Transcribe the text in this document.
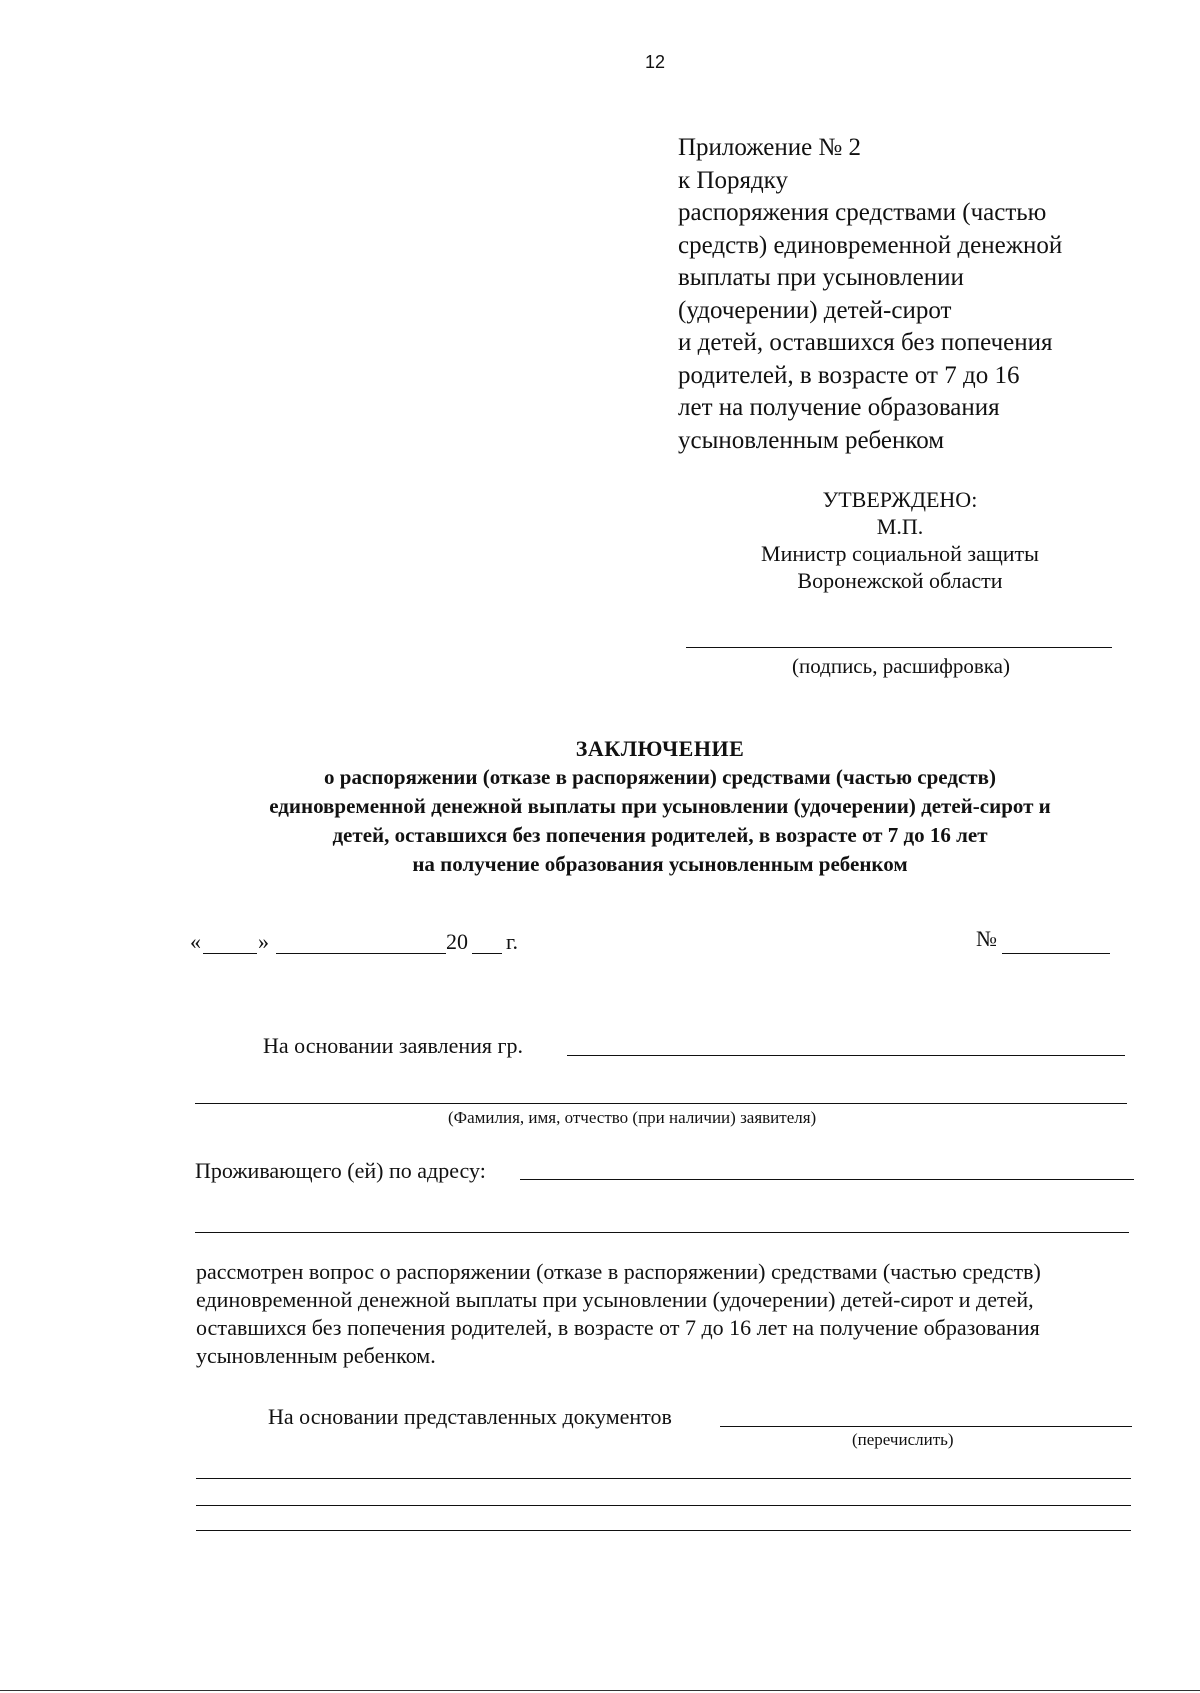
12
Приложение № 2
к Порядку
распоряжения средствами (частью
средств) единовременной денежной
выплаты при усыновлении
(удочерении) детей-сирот
и детей, оставшихся без попечения
родителей, в возрасте от 7 до 16
лет на получение образования
усыновленным ребенком
УТВЕРЖДЕНО:
М.П.
Министр социальной защиты
Воронежской области
(подпись, расшифровка)
ЗАКЛЮЧЕНИЕ
о распоряжении (отказе в распоряжении) средствами (частью средств)
единовременной денежной выплаты при усыновлении (удочерении) детей-сирот и
детей, оставшихся без попечения родителей, в возрасте от 7 до 16 лет
на получение образования усыновленным ребенком
«	»	20 г.	№
На основании заявления гр.
(Фамилия, имя, отчество (при наличии) заявителя)
Проживающего (ей) по адресу:
рассмотрен вопрос о распоряжении (отказе в распоряжении) средствами (частью средств)
единовременной денежной выплаты при усыновлении (удочерении) детей-сирот и детей,
оставшихся без попечения родителей, в возрасте от 7 до 16 лет на получение образования
усыновленным ребенком.
На основании представленных документов
(перечислить)
